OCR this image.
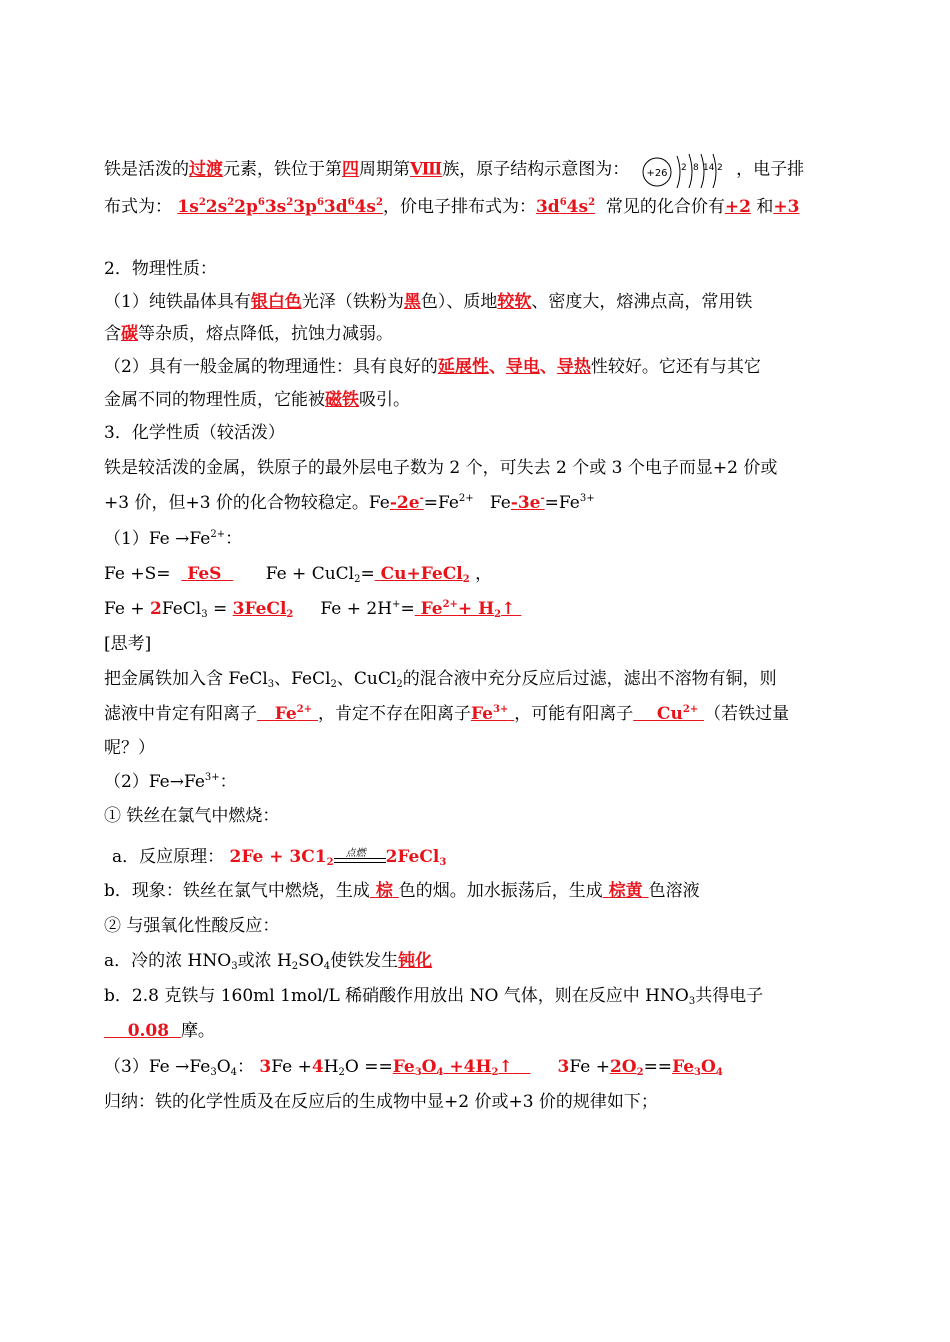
铁是活泼的过渡元素，铁位于第四周期第Ⅷ族，原子结构示意图为： +26 2 8 14 2 ，电子排
布式为： $1s^22s^22p^63s^23p^63d^64s^2$，价电子排布式为：$3d^64s^2$ 常见的化合价有+2 和+3
2．物理性质：
（1）纯铁晶体具有银白色光泽（铁粉为黑色）、质地较软、密度大，熔沸点高，常用铁
含碳等杂质，熔点降低，抗蚀力减弱。
（2）具有一般金属的物理通性：具有良好的延展性、导电、导热性较好。它还有与其它
金属不同的物理性质，它能被磁铁吸引。
3．化学性质（较活泼）
铁是较活泼的金属，铁原子的最外层电子数为 2 个，可失去 2 个或 3 个电子而显+2 价或
+3 价，但+3 价的化合物较稳定。$Fe-2e^-=Fe^{2+}$ $Fe-3e^-=Fe^{3+}$
$(1)Fe \to Fe^{2+}$：
Fe +S= FeS	Fe + CuCl$_2$= Cu+FeCl$_2$ ，
Fe + 2FeCl$_3$ = 3FeCl$_2$ $Fe + 2H^+= Fe^{2+}+$ $H_2↑$
[思考]
把金属铁加入含 FeCl$_3$、FeCl$_2$、CuCl$_2$的混合液中充分反应后过滤，滤出不溶物有铜，则
滤液中肯定有阳离子 $Fe^{2+}$ ，肯定不存在阳离子$Fe^{3+}$ ，可能有阳离子 $Cu^{2+}$ （若铁过量
呢？）
$(2)Fe\to Fe^{3+}$：
① 铁丝在氯气中燃烧：
a．反应原理： $2Fe + 3C1_2$
点燃 2FeCl$_3$
b．现象：铁丝在氯气中燃烧，生成 棕 色的烟。加水振荡后，生成 棕黄 色溶液
② 与强氧化性酸反应：
a．冷的浓 $HNO_3$或浓 $H_2SO_4$使铁发生钝化
b．2.8 克铁与 160ml 1mol/L 稀硝酸作用放出 NO 气体，则在反应中 $HNO_3$共得电子
0.08 摩。
$(3)Fe \to Fe_3O_4$： $3Fe +4H_2O ==Fe_3O_4$ $+4H_2↑$	$3Fe +2O_2==Fe_3O_4$
归纳：铁的化学性质及在反应后的生成物中显+2 价或+3 价的规律如下；
